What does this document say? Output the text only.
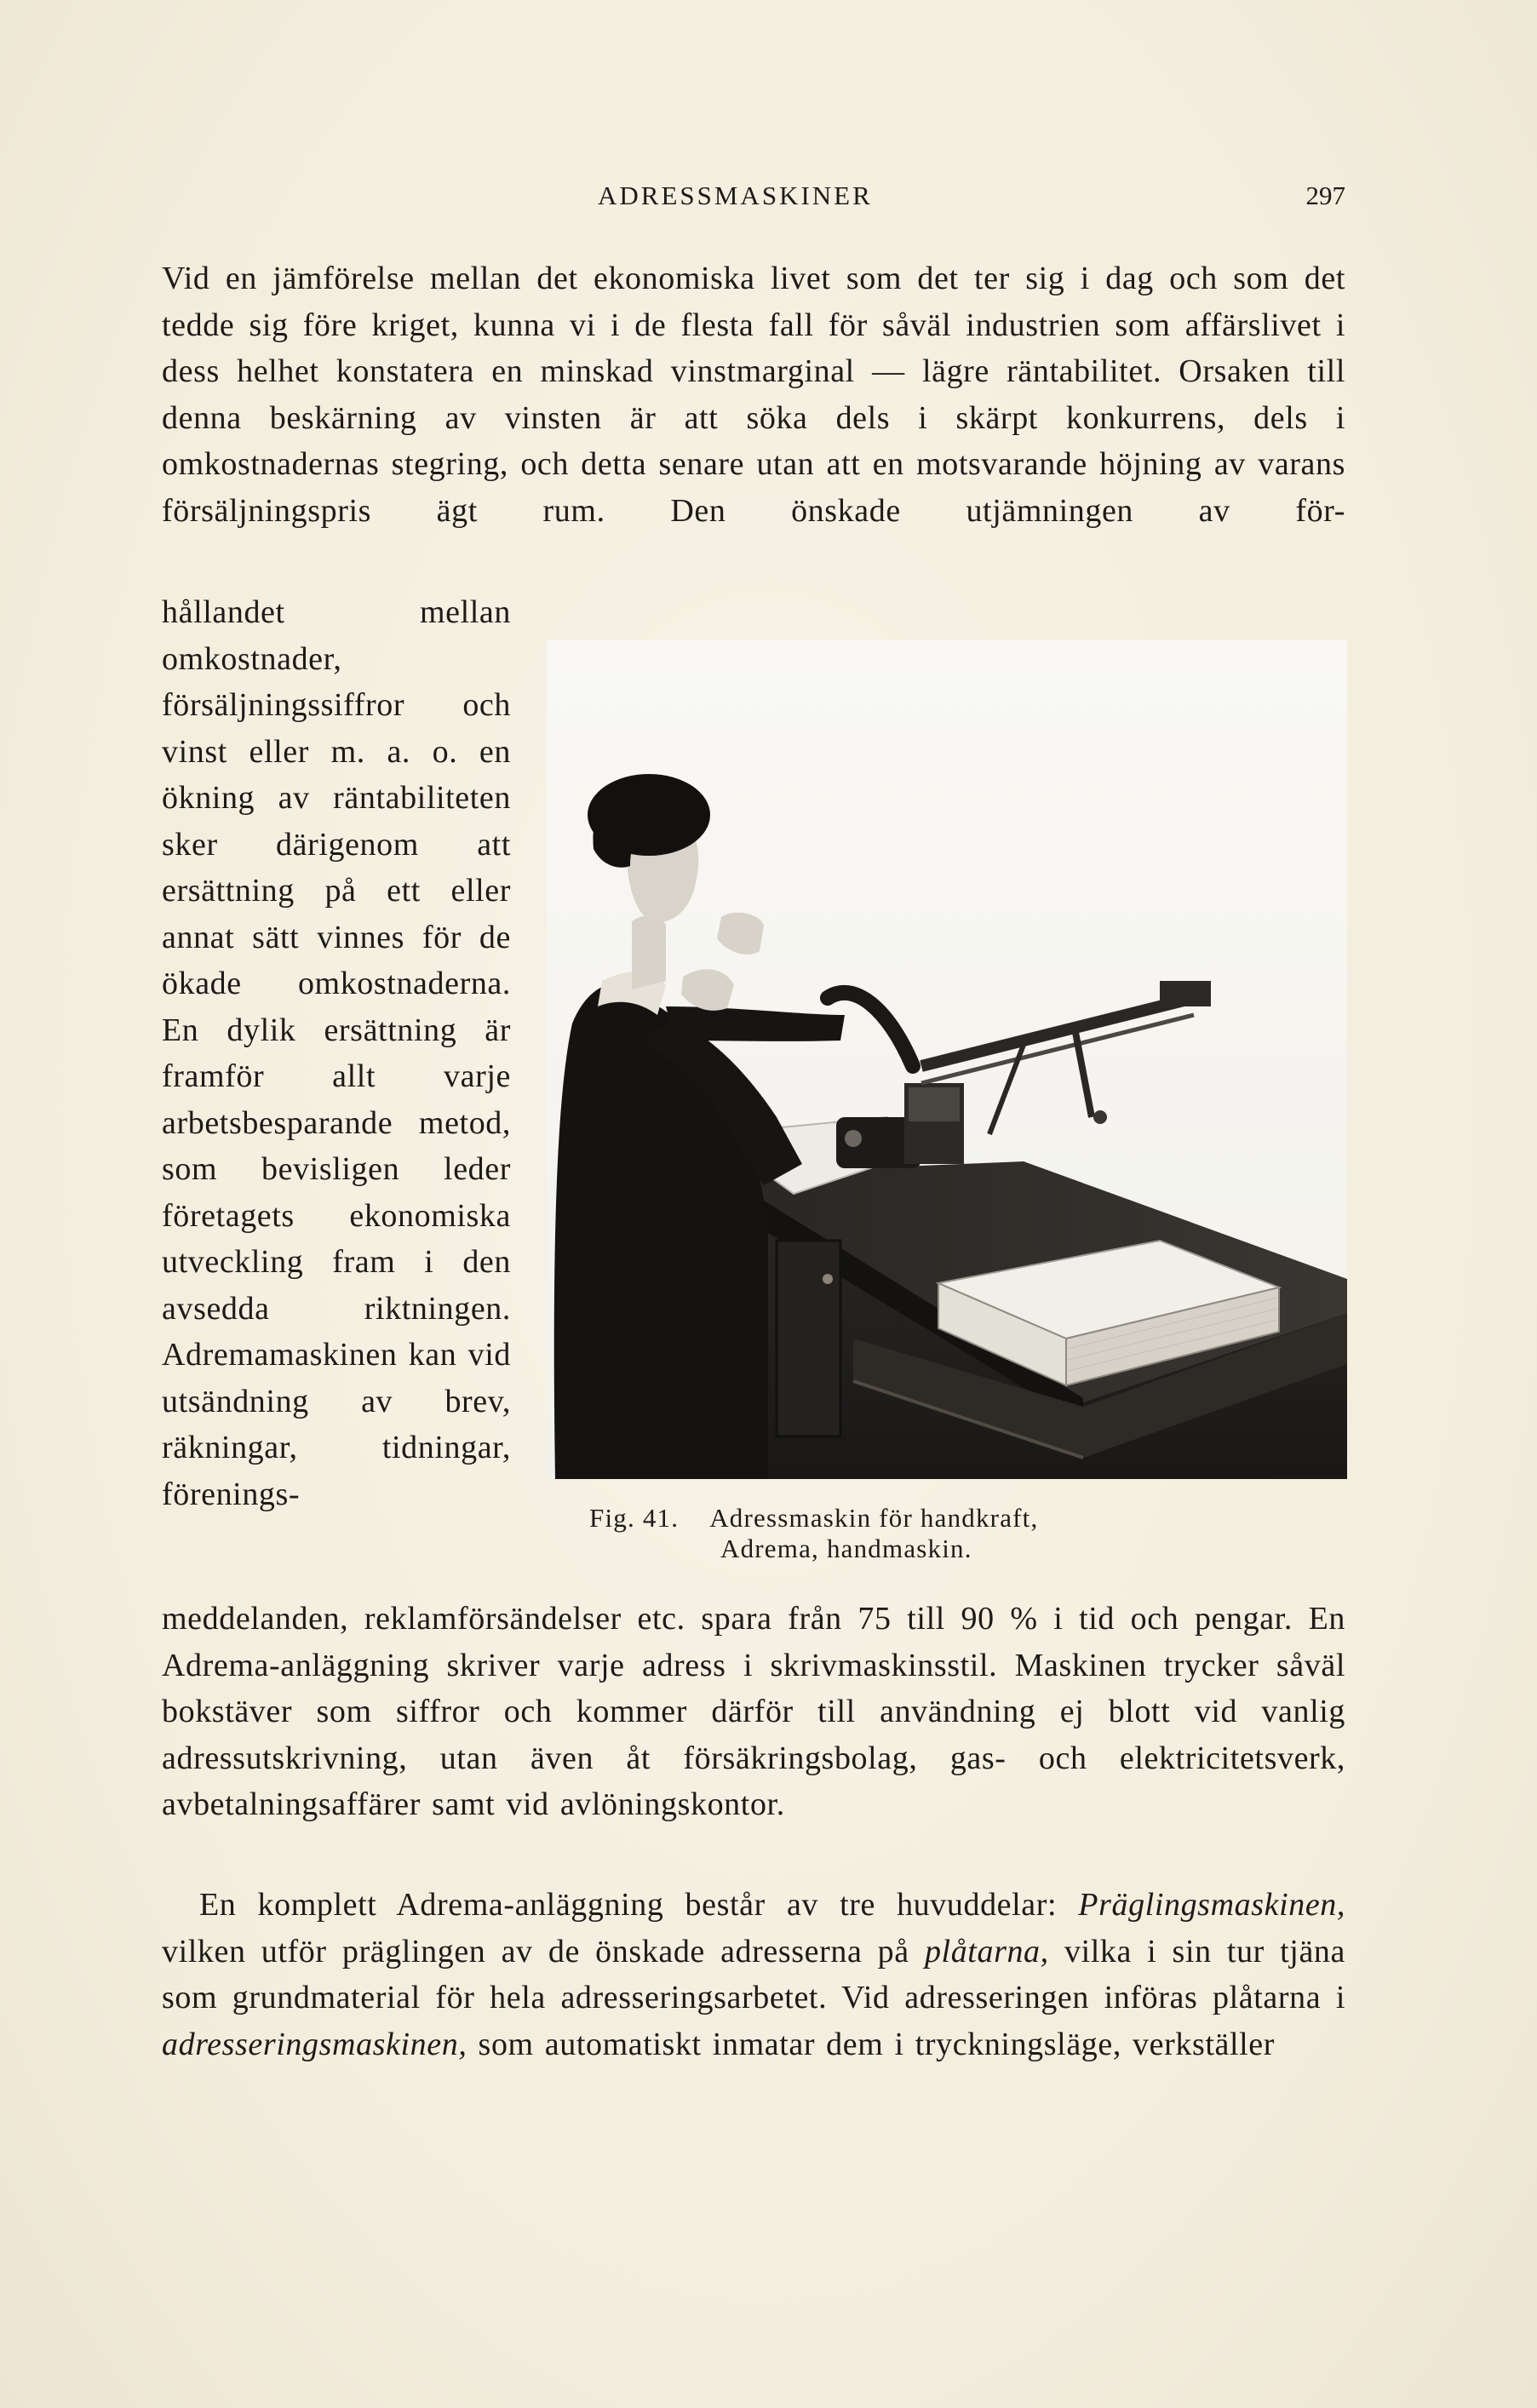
ADRESSMASKINER	297

Vid en jämförelse mellan det ekonomiska livet som det ter sig i dag och som det tedde sig före kriget, kunna vi i de flesta fall för såväl industrien som affärslivet i dess helhet konstatera en minskad vinstmarginal — lägre räntabilitet. Orsaken till denna beskärning av vinsten är att söka dels i skärpt konkurrens, dels i omkostnadernas stegring, och detta senare utan att en motsvarande höjning av varans försäljningspris ägt rum. Den önskade utjämningen av för-

hållandet mellan omkostnader, försäljningssiffror och vinst eller m. a. o. en ökning av räntabiliteten sker därigenom att ersättning på ett eller annat sätt vinnes för de ökade omkostnaderna. En dylik ersättning är framför allt varje arbetsbesparande metod, som bevisligen leder företagets ekonomiska utveckling fram i den avsedda riktningen. Adremamaskinen kan vid utsändning av brev, räkningar, tidningar, förenings-

meddelanden, reklamförsändelser etc. spara från 75 till 90 % i tid och pengar. En Adrema-anläggning skriver varje adress i skrivmaskinsstil. Maskinen trycker såväl bokstäver som siffror och kommer därför till användning ej blott vid vanlig adressutskrivning, utan även åt försäkringsbolag, gas- och elektricitetsverk, avbetalningsaffärer samt vid avlöningskontor.

Fig. 41. Adressmaskin för handkraft,
Adrema, handmaskin.

En komplett Adrema-anläggning består av tre huvuddelar: Präglingsmaskinen, vilken utför präglingen av de önskade adresserna på plåtarna, vilka i sin tur tjäna som grundmaterial för hela adresseringsarbetet. Vid adresseringen införas plåtarna i adresseringsmaskinen, som automatiskt inmatar dem i tryckningsläge, verkställer
